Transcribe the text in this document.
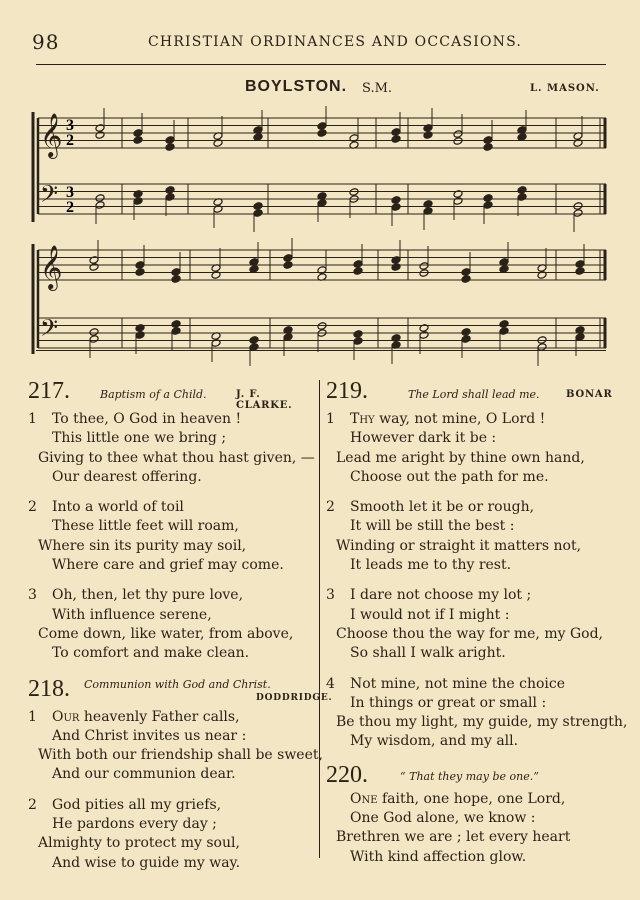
98	CHRISTIAN ORDINANCES AND OCCASIONS.
BOYLSTON. S.M.	L. MASON.
𝄞
𝄞
𝄢
𝄢
3
2
3
2
217.	Baptism of a Child.	J. F. CLARKE.
1 To thee, O God in heaven !
This little one we bring ;
Giving to thee what thou hast given, —
Our dearest offering.
2 Into a world of toil
These little feet will roam,
Where sin its purity may soil,
Where care and grief may come.
3 Oh, then, let thy pure love,
With influence serene,
Come down, like water, from above,
To comfort and make clean.
218. Communion with God and Christ.
DODDRIDGE.
1 Our heavenly Father calls,
And Christ invites us near :
With both our friendship shall be sweet,
And our communion dear.
2 God pities all my griefs,
He pardons every day ;
Almighty to protect my soul,
And wise to guide my way.
219.	The Lord shall lead me.	BONAR
1 Thy way, not mine, O Lord !
However dark it be :
Lead me aright by thine own hand,
Choose out the path for me.
2 Smooth let it be or rough,
It will be still the best :
Winding or straight it matters not,
It leads me to thy rest.
3 I dare not choose my lot ;
I would not if I might :
Choose thou the way for me, my God,
So shall I walk aright.
4 Not mine, not mine the choice
In things or great or small :
Be thou my light, my guide, my strength,
My wisdom, and my all.
220.	“ That they may be one.”
One faith, one hope, one Lord,
One God alone, we know :
Brethren we are ; let every heart
With kind affection glow.
